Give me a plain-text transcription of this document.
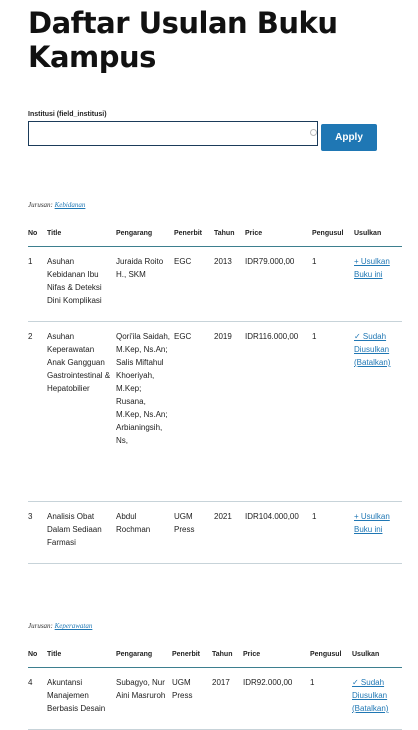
Daftar Usulan Buku Kampus
Institusi (field_institusi)
Apply
Jurusan: Kebidanan
No	Title	Pengarang	Penerbit	Tahun	Price	Pengusul	Usulkan
1	Asuhan Kebidanan Ibu Nifas & Deteksi Dini Komplikasi	Juraida Roito H., SKM	EGC	2013	IDR79.000,00	1	+ Usulkan Buku ini
2	Asuhan Keperawatan Anak Gangguan Gastrointestinal & Hepatobilier	Qori'ila Saidah, M.Kep, Ns.An; Salis Miftahul Khoeriyah, M.Kep; Rusana, M.Kep, Ns.An; Arbianingsih, Ns,	EGC	2019	IDR116.000,00	1	✓ Sudah Diusulkan (Batalkan)
3	Analisis Obat Dalam Sediaan Farmasi	Abdul Rochman	UGM Press	2021	IDR104.000,00	1	+ Usulkan Buku ini
Jurusan: Keperawatan
No	Title	Pengarang	Penerbit	Tahun	Price	Pengusul	Usulkan
4	Akuntansi Manajemen Berbasis Desain	Subagyo, Nur Aini Masruroh	UGM Press	2017	IDR92.000,00	1	✓ Sudah Diusulkan (Batalkan)
